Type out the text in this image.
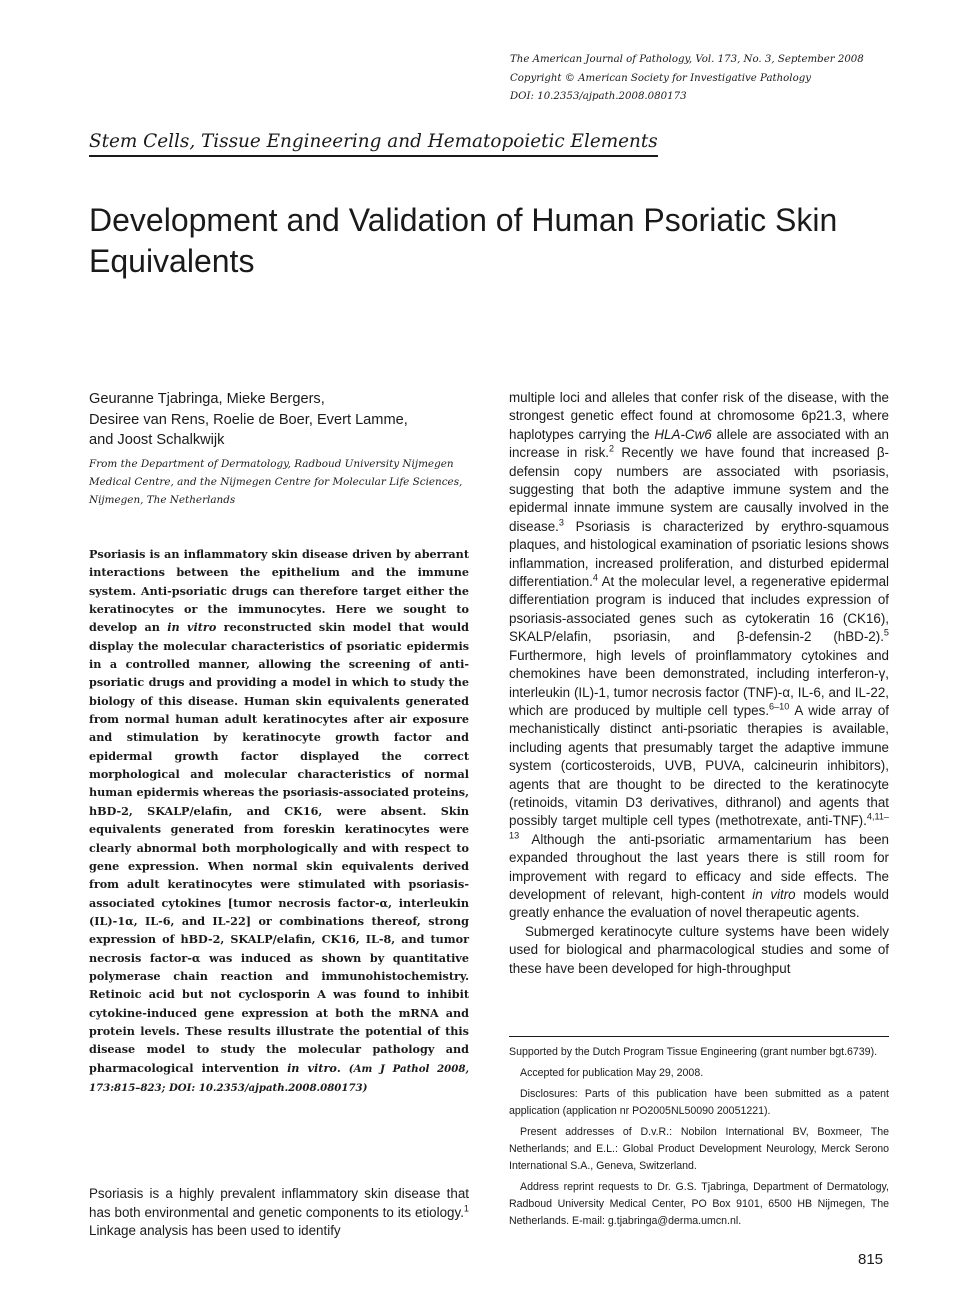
The American Journal of Pathology, Vol. 173, No. 3, September 2008
Copyright © American Society for Investigative Pathology
DOI: 10.2353/ajpath.2008.080173
Stem Cells, Tissue Engineering and Hematopoietic Elements
Development and Validation of Human Psoriatic Skin Equivalents
Geuranne Tjabringa, Mieke Bergers,
Desiree van Rens, Roelie de Boer, Evert Lamme,
and Joost Schalkwijk
From the Department of Dermatology, Radboud University Nijmegen Medical Centre, and the Nijmegen Centre for Molecular Life Sciences, Nijmegen, The Netherlands
Psoriasis is an inflammatory skin disease driven by aberrant interactions between the epithelium and the immune system. Anti-psoriatic drugs can therefore target either the keratinocytes or the immunocytes. Here we sought to develop an in vitro reconstructed skin model that would display the molecular characteristics of psoriatic epidermis in a controlled manner, allowing the screening of anti-psoriatic drugs and providing a model in which to study the biology of this disease. Human skin equivalents generated from normal human adult keratinocytes after air exposure and stimulation by keratinocyte growth factor and epidermal growth factor displayed the correct morphological and molecular characteristics of normal human epidermis whereas the psoriasis-associated proteins, hBD-2, SKALP/elafin, and CK16, were absent. Skin equivalents generated from foreskin keratinocytes were clearly abnormal both morphologically and with respect to gene expression. When normal skin equivalents derived from adult keratinocytes were stimulated with psoriasis-associated cytokines [tumor necrosis factor-α, interleukin (IL)-1α, IL-6, and IL-22] or combinations thereof, strong expression of hBD-2, SKALP/elafin, CK16, IL-8, and tumor necrosis factor-α was induced as shown by quantitative polymerase chain reaction and immunohistochemistry. Retinoic acid but not cyclosporin A was found to inhibit cytokine-induced gene expression at both the mRNA and protein levels. These results illustrate the potential of this disease model to study the molecular pathology and pharmacological intervention in vitro. (Am J Pathol 2008, 173:815–823; DOI: 10.2353/ajpath.2008.080173)

Psoriasis is a highly prevalent inflammatory skin disease that has both environmental and genetic components to its etiology.$^1$ Linkage analysis has been used to identify

multiple loci and alleles that confer risk of the disease, with the strongest genetic effect found at chromosome 6p21.3, where haplotypes carrying the HLA-Cw6 allele are associated with an increase in risk.$^2$ Recently we have found that increased β-defensin copy numbers are associated with psoriasis, suggesting that both the adaptive immune system and the epidermal innate immune system are causally involved in the disease.$^3$ Psoriasis is characterized by erythro-squamous plaques, and histological examination of psoriatic lesions shows inflammation, increased proliferation, and disturbed epidermal differentiation.$^4$ At the molecular level, a regenerative epidermal differentiation program is induced that includes expression of psoriasis-associated genes such as cytokeratin 16 (CK16), SKALP/elafin, psoriasin, and β-defensin-2 (hBD-2).$^5$ Furthermore, high levels of proinflammatory cytokines and chemokines have been demonstrated, including interferon-γ, interleukin (IL)-1, tumor necrosis factor (TNF)-α, IL-6, and IL-22, which are produced by multiple cell types.$^{6-10}$ A wide array of mechanistically distinct anti-psoriatic therapies is available, including agents that presumably target the adaptive immune system (corticosteroids, UVB, PUVA, calcineurin inhibitors), agents that are thought to be directed to the keratinocyte (retinoids, vitamin D3 derivatives, dithranol) and agents that possibly target multiple cell types (methotrexate, anti-TNF).$^{4,11-13}$ Although the anti-psoriatic armamentarium has been expanded throughout the last years there is still room for improvement with regard to efficacy and side effects. The development of relevant, high-content in vitro models would greatly enhance the evaluation of novel therapeutic agents.

Submerged keratinocyte culture systems have been widely used for biological and pharmacological studies and some of these have been developed for high-throughput

Supported by the Dutch Program Tissue Engineering (grant number bgt.6739).

Accepted for publication May 29, 2008.

Disclosures: Parts of this publication have been submitted as a patent application (application nr PO2005NL50090 20051221).

Present addresses of D.v.R.: Nobilon International BV, Boxmeer, The Netherlands; and E.L.: Global Product Development Neurology, Merck Serono International S.A., Geneva, Switzerland.

Address reprint requests to Dr. G.S. Tjabringa, Department of Dermatology, Radboud University Medical Center, PO Box 9101, 6500 HB Nijmegen, The Netherlands. E-mail: g.tjabringa@derma.umcn.nl.

815
